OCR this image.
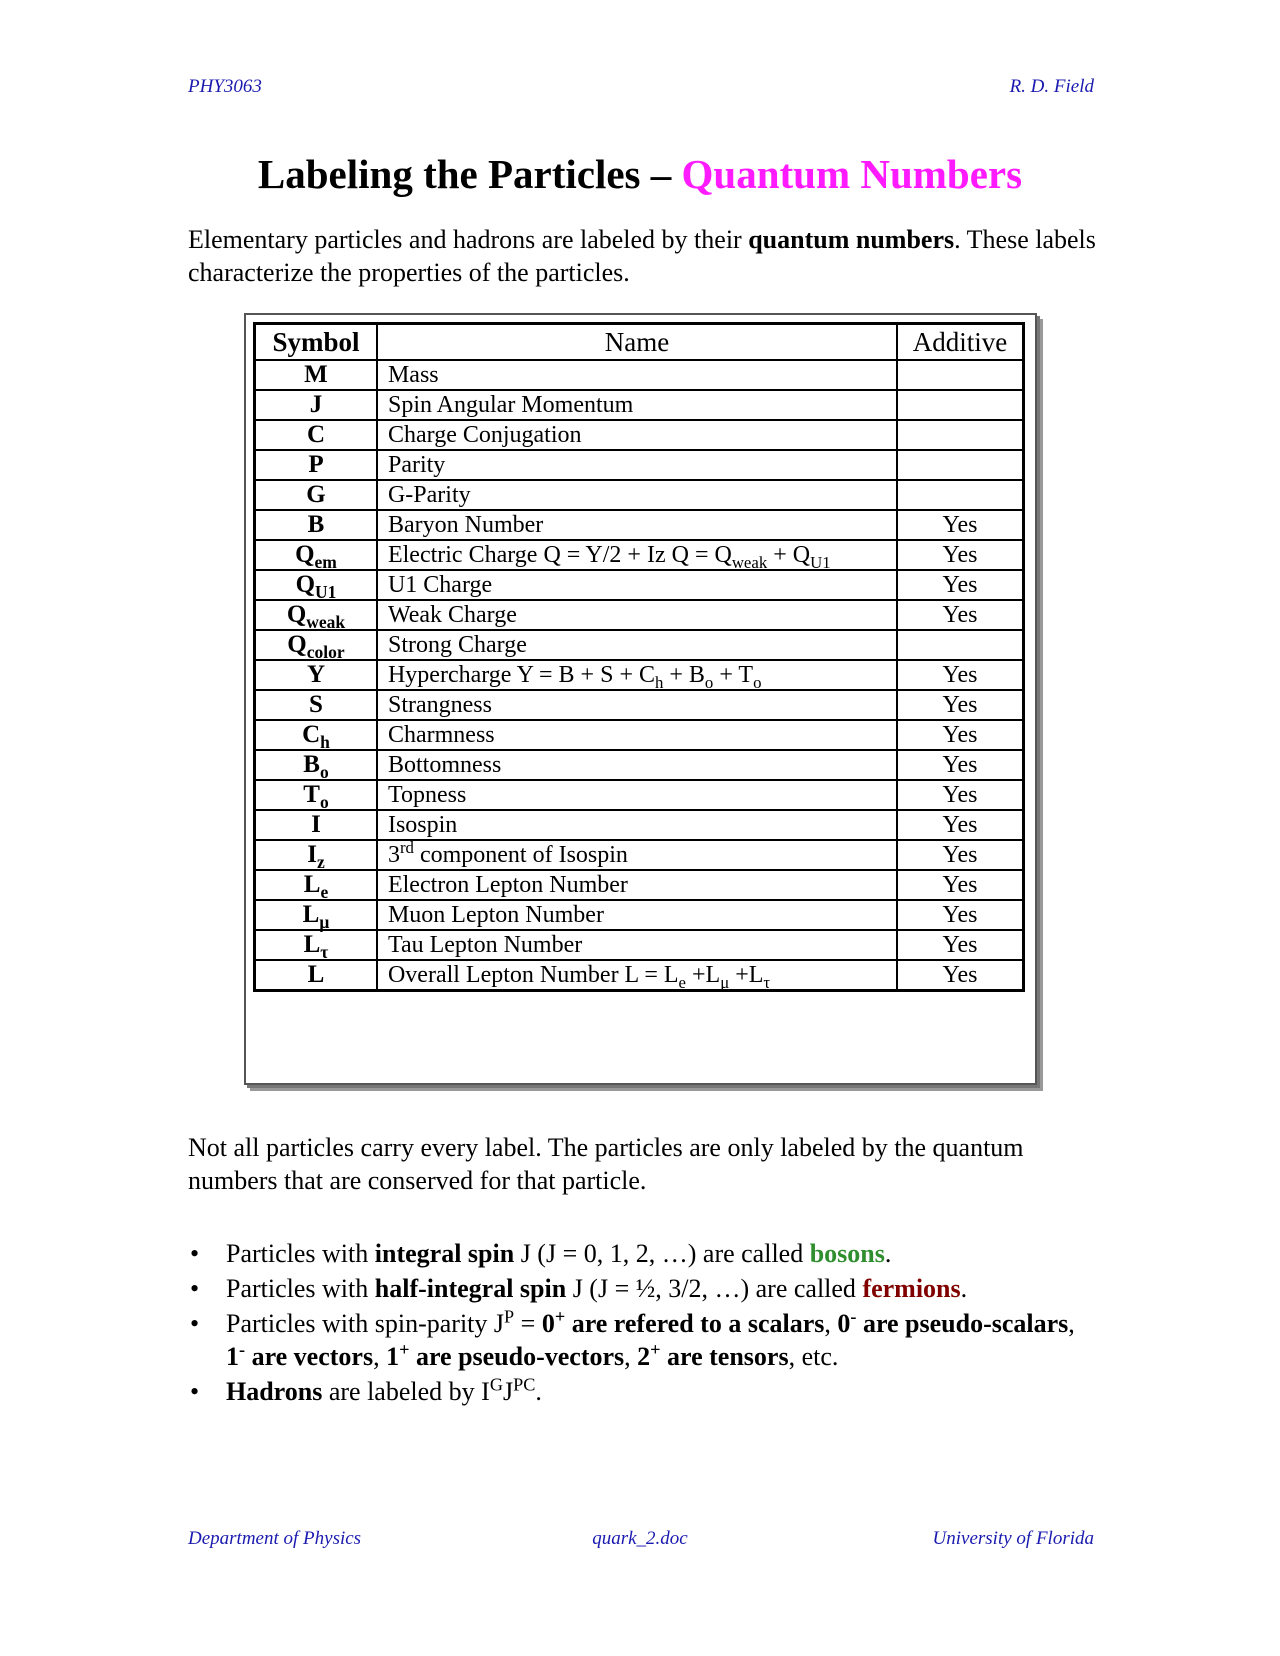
PHY3063	R. D. Field
Labeling the Particles – Quantum Numbers
Elementary particles and hadrons are labeled by their quantum numbers. These labels characterize the properties of the particles.
Symbol	Name	Additive
M	Mass	
J	Spin Angular Momentum	
C	Charge Conjugation	
P	Parity	
G	G-Parity	
B	Baryon Number	Yes
$Q_{em}$	Electric Charge Q = Y/2 + Iz $Q = Q_{weak} + Q_{U1}$	Yes
$Q_{U1}$	U1 Charge	Yes
$Q_{weak}$	Weak Charge	Yes
$Q_{color}$	Strong Charge	
Y	Hypercharge $Y = B + S + C_h + B_o + T_o$	Yes
S	Strangness	Yes
$C_h$	Charmness	Yes
$B_o$	Bottomness	Yes
$T_o$	Topness	Yes
I	Isospin	Yes
$I_z$	3rd component of Isospin	Yes
$L_e$	Electron Lepton Number	Yes
$L_\mu$	Muon Lepton Number	Yes
$L_\tau$	Tau Lepton Number	Yes
L	Overall Lepton Number $L = L_e +L_\mu +L_\tau$	Yes
Not all particles carry every label. The particles are only labeled by the quantum numbers that are conserved for that particle.
• Particles with integral spin J (J = 0, 1, 2, …) are called bosons.
• Particles with half-integral spin J (J = ½, 3/2, …) are called fermions.
• Particles with spin-parity $J^P = 0^+$ are refered to a scalars, 0- are pseudo-scalars, 1- are vectors, 1+ are pseudo-vectors, 2+ are tensors, etc.
• Hadrons are labeled by $I^GJ^{PC}$.
Department of Physics	quark_2.doc	University of Florida
